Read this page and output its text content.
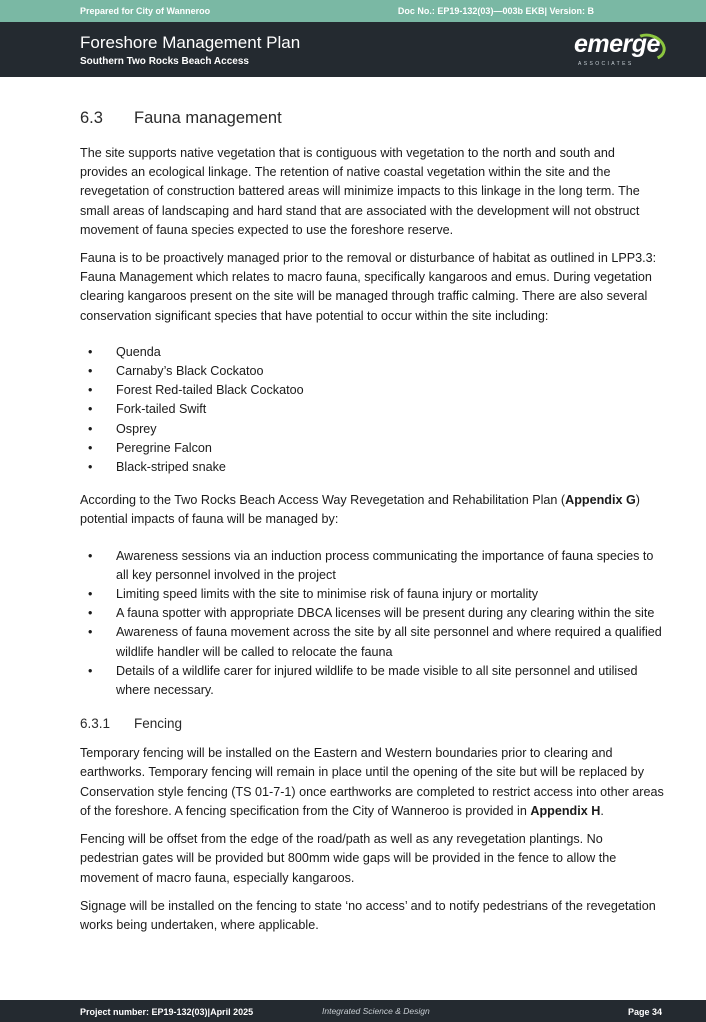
Prepared for City of Wanneroo	Doc No.: EP19-132(03)—003b EKB| Version: B
Foreshore Management Plan
Southern Two Rocks Beach Access
emerge
ASSOCIATES
6.3 Fauna management

The site supports native vegetation that is contiguous with vegetation to the north and south and provides an ecological linkage. The retention of native coastal vegetation within the site and the revegetation of construction battered areas will minimize impacts to this linkage in the long term. The small areas of landscaping and hard stand that are associated with the development will not obstruct movement of fauna species expected to use the foreshore reserve.

Fauna is to be proactively managed prior to the removal or disturbance of habitat as outlined in LPP3.3: Fauna Management which relates to macro fauna, specifically kangaroos and emus. During vegetation clearing kangaroos present on the site will be managed through traffic calming. There are also several conservation significant species that have potential to occur within the site including:

• Quenda
• Carnaby’s Black Cockatoo
• Forest Red-tailed Black Cockatoo
• Fork-tailed Swift
• Osprey
• Peregrine Falcon
• Black-striped snake

According to the Two Rocks Beach Access Way Revegetation and Rehabilitation Plan (Appendix G) potential impacts of fauna will be managed by:

• Awareness sessions via an induction process communicating the importance of fauna species to all key personnel involved in the project
• Limiting speed limits with the site to minimise risk of fauna injury or mortality
• A fauna spotter with appropriate DBCA licenses will be present during any clearing within the site
• Awareness of fauna movement across the site by all site personnel and where required a qualified wildlife handler will be called to relocate the fauna
• Details of a wildlife carer for injured wildlife to be made visible to all site personnel and utilised where necessary.
6.3.1 Fencing

Temporary fencing will be installed on the Eastern and Western boundaries prior to clearing and earthworks. Temporary fencing will remain in place until the opening of the site but will be replaced by Conservation style fencing (TS 01-7-1) once earthworks are completed to restrict access into other areas of the foreshore. A fencing specification from the City of Wanneroo is provided in Appendix H.

Fencing will be offset from the edge of the road/path as well as any revegetation plantings. No pedestrian gates will be provided but 800mm wide gaps will be provided in the fence to allow the movement of macro fauna, especially kangaroos.

Signage will be installed on the fencing to state ‘no access’ and to notify pedestrians of the revegetation works being undertaken, where applicable.

Project number: EP19-132(03)|April 2025	Integrated Science & Design	Page 34
